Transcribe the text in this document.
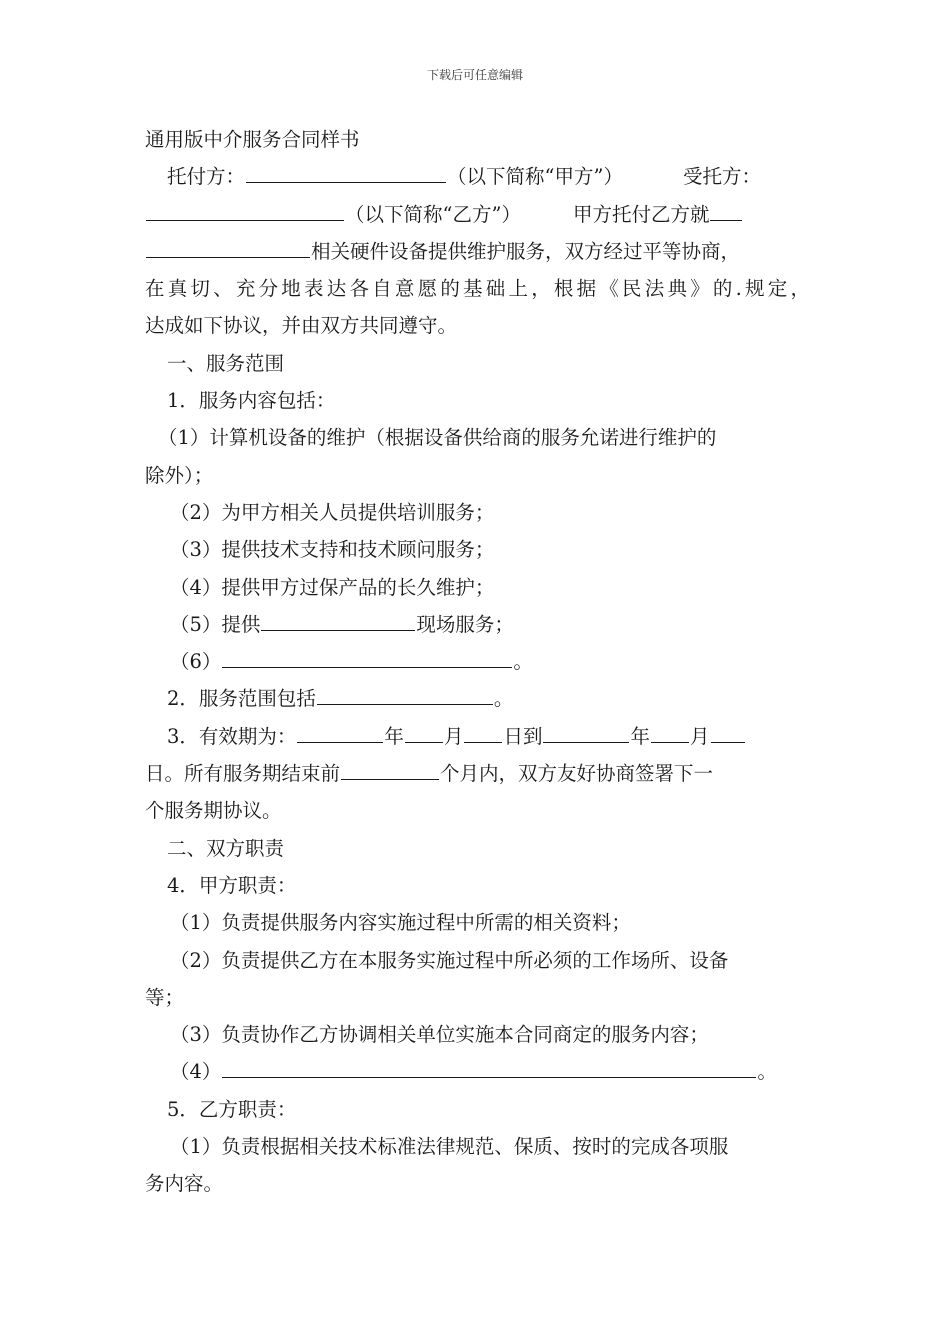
下载后可任意编辑
通用版中介服务合同样书
托付方：	（以下简称“甲方”）	受托方：
（以下简称“乙方”）	甲方托付乙方就
相关硬件设备提供维护服务，双方经过平等协商，
在真切、充分地表达各自意愿的基础上，根据《民法典》的.规定，
达成如下协议，并由双方共同遵守。
一、服务范围
1．服务内容包括：
（1）计算机设备的维护（根据设备供给商的服务允诺进行维护的
除外）；
（2）为甲方相关人员提供培训服务；
（3）提供技术支持和技术顾问服务；
（4）提供甲方过保产品的长久维护；
（5）提供	现场服务；
（6）	。
2．服务范围包括	。
3．有效期为：	年 月 日到	年 月
日。所有服务期结束前	个月内，双方友好协商签署下一
个服务期协议。
二、双方职责
4．甲方职责：
（1）负责提供服务内容实施过程中所需的相关资料；
（2）负责提供乙方在本服务实施过程中所必须的工作场所、设备
等；
（3）负责协作乙方协调相关单位实施本合同商定的服务内容；
（4）	。
5．乙方职责：
（1）负责根据相关技术标准法律规范、保质、按时的完成各项服
务内容。
